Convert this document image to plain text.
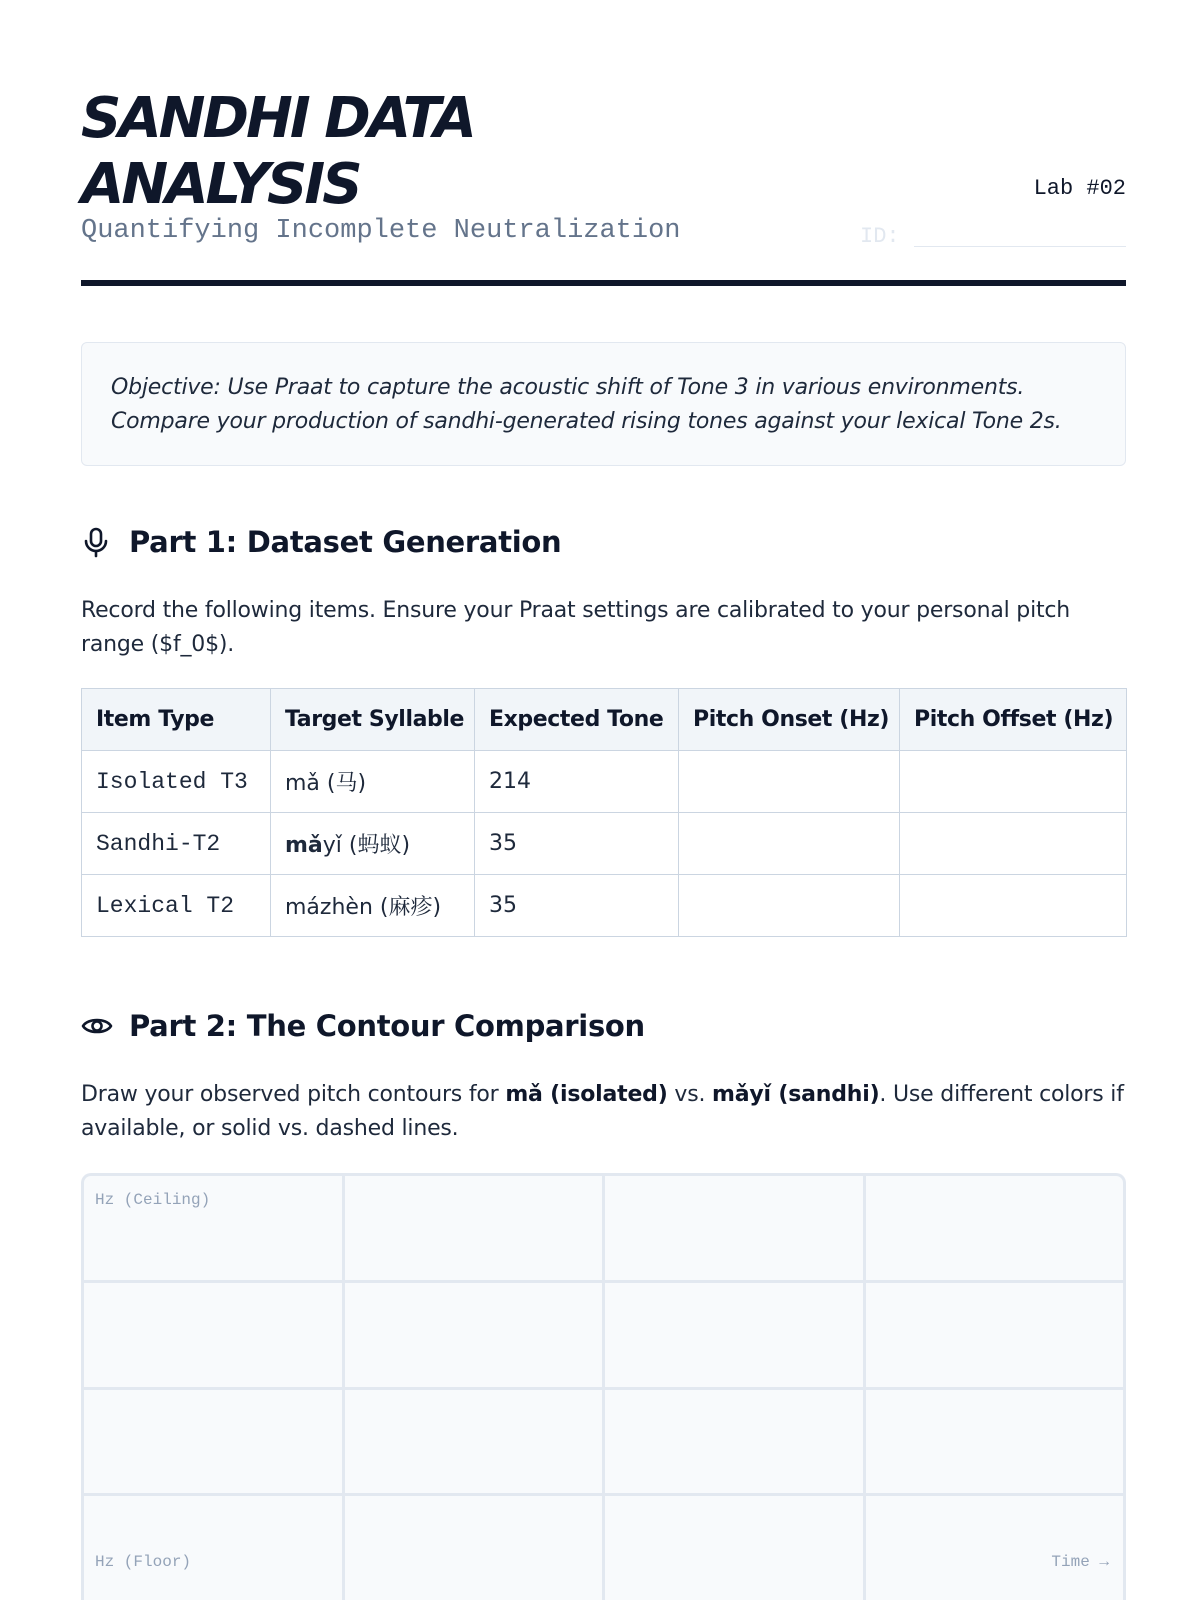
SANDHI DATA
ANALYSIS
Quantifying Incomplete Neutralization
Lab #02
ID:

Objective: Use Praat to capture the acoustic shift of Tone 3 in various environments. Compare your production of sandhi-generated rising tones against your lexical Tone 2s.

Part 1: Dataset Generation
Record the following items. Ensure your Praat settings are calibrated to your personal pitch range ($f_0$).
Item Type	Target Syllable	Expected Tone	Pitch Onset (Hz)	Pitch Offset (Hz)
Isolated T3	mǎ (马)	214		
Sandhi-T2	mǎyǐ (蚂蚁)	35		
Lexical T2	mázhèn (麻疹)	35		
Part 2: The Contour Comparison
Draw your observed pitch contours for mǎ (isolated) vs. mǎyǐ (sandhi). Use different colors if available, or solid vs. dashed lines.
Hz (Ceiling)
Hz (Floor)	Time →
